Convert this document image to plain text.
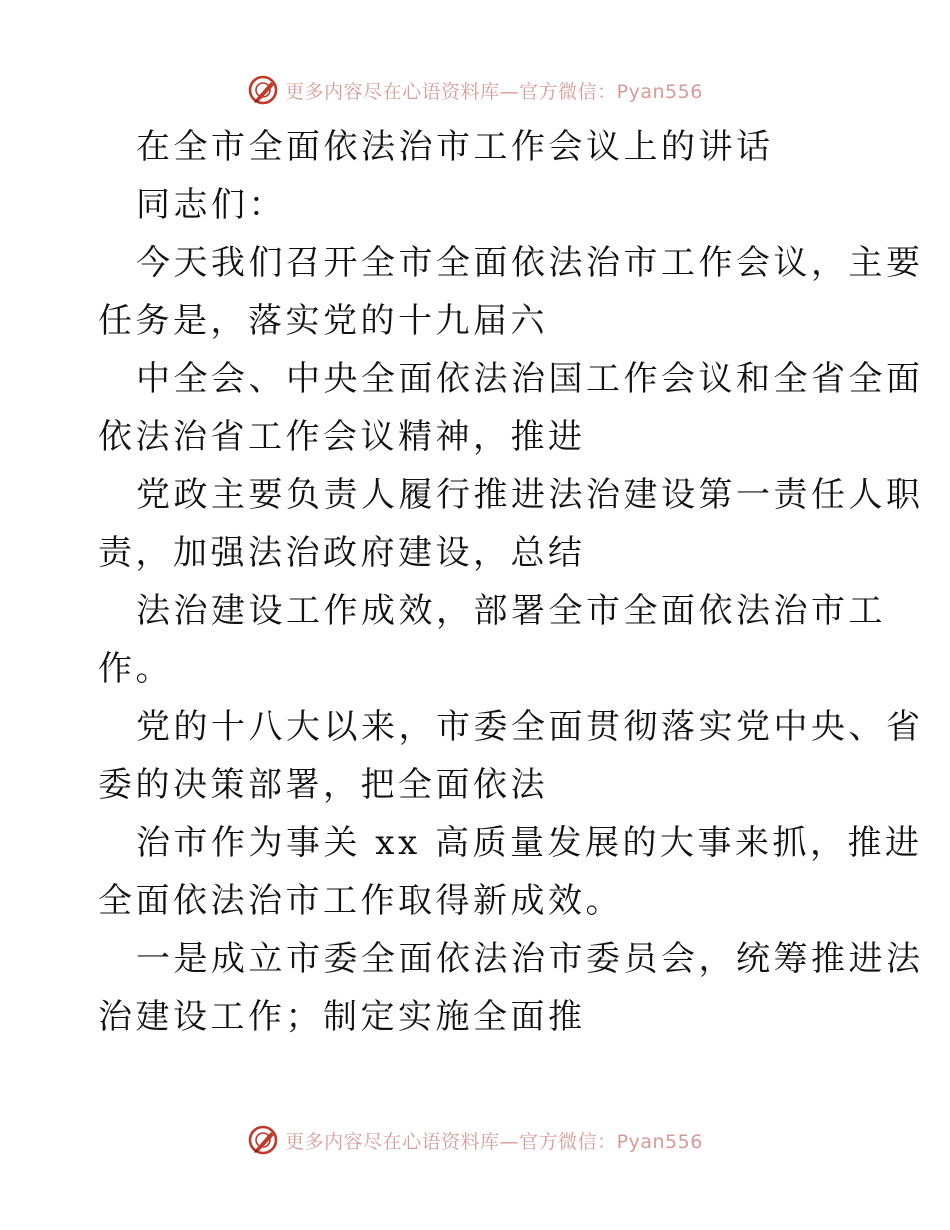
更多内容尽在心语资料库—官方微信：Pyan556

在全市全面依法治市工作会议上的讲话

同志们：

今天我们召开全市全面依法治市工作会议，主要
任务是，落实党的十九届六

中全会、中央全面依法治国工作会议和全省全面
依法治省工作会议精神，推进

党政主要负责人履行推进法治建设第一责任人职
责，加强法治政府建设，总结

法治建设工作成效，部署全市全面依法治市工
作。

党的十八大以来，市委全面贯彻落实党中央、省
委的决策部署，把全面依法

治市作为事关 xx 高质量发展的大事来抓，推进
全面依法治市工作取得新成效。

一是成立市委全面依法治市委员会，统筹推进法
治建设工作；制定实施全面推

更多内容尽在心语资料库—官方微信：Pyan556
